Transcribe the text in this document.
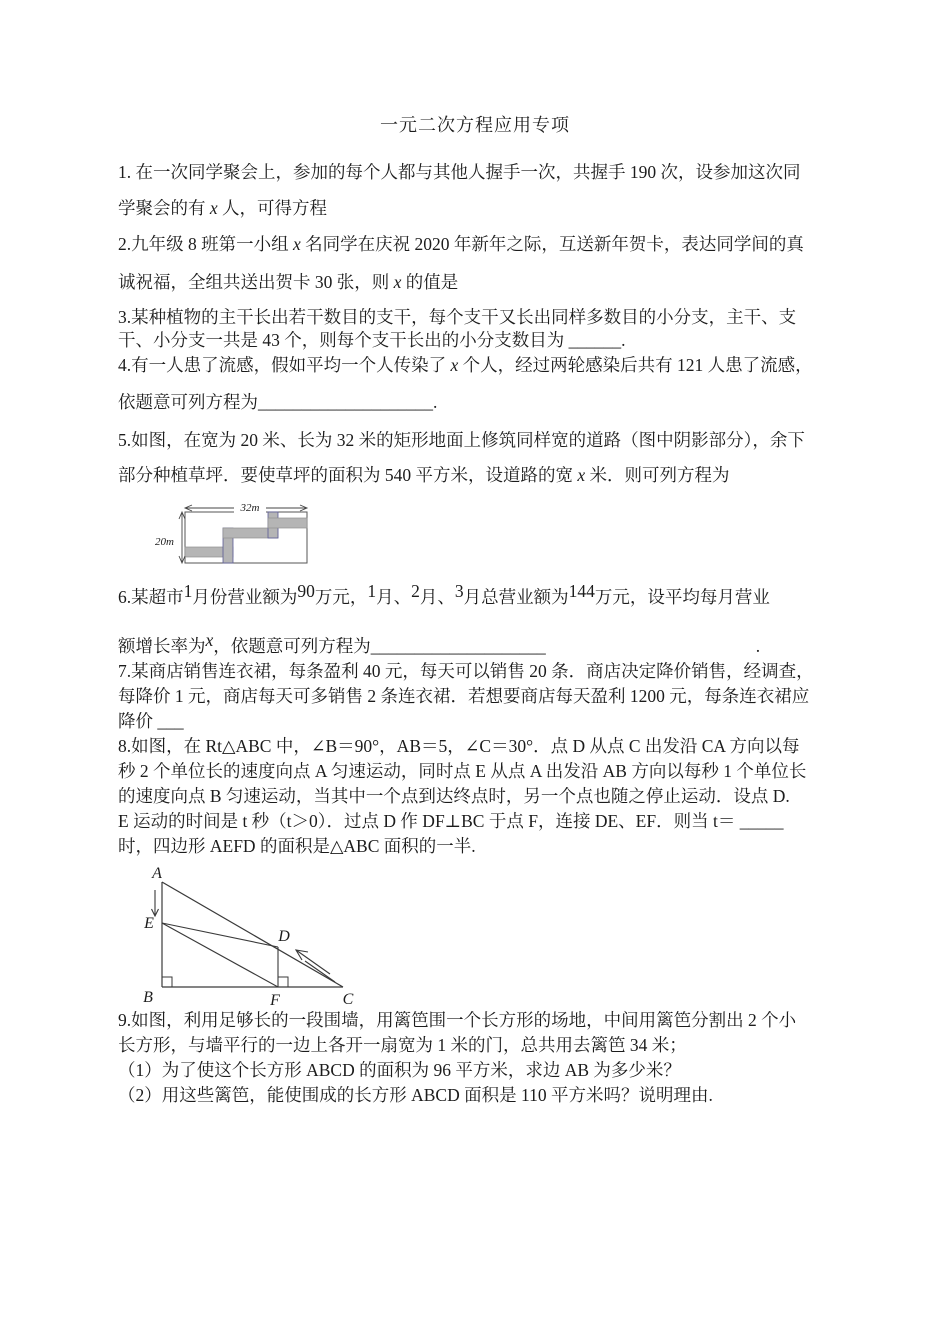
一元二次方程应用专项
1. 在一次同学聚会上，参加的每个人都与其他人握手一次，共握手 190 次，设参加这次同
学聚会的有 x 人，可得方程
2.九年级 8 班第一小组 x 名同学在庆祝 2020 年新年之际，互送新年贺卡，表达同学间的真
诚祝福，全组共送出贺卡 30 张，则 x 的值是
3.某种植物的主干长出若干数目的支干，每个支干又长出同样多数目的小分支，主干、支
干、小分支一共是 43 个，则每个支干长出的小分支数目为 ______.
4.有一人患了流感，假如平均一个人传染了 x 个人，经过两轮感染后共有 121 人患了流感，
依题意可列方程为____________________.
5.如图，在宽为 20 米、长为 32 米的矩形地面上修筑同样宽的道路（图中阴影部分），余下
部分种植草坪．要使草坪的面积为 540 平方米，设道路的宽 x 米．则可列方程为
32m
20m
6.某超市1月份营业额为90万元，1月、2月、3月总营业额为144万元，设平均每月营业
额增长率为x，依题意可列方程为____________________　　　　　　　　　　　　.
7.某商店销售连衣裙，每条盈利 40 元，每天可以销售 20 条．商店决定降价销售，经调查，
每降价 1 元，商店每天可多销售 2 条连衣裙．若想要商店每天盈利 1200 元，每条连衣裙应
降价 ___
8.如图，在 Rt△ABC 中，∠B＝90°，AB＝5，∠C＝30°．点 D 从点 C 出发沿 CA 方向以每
秒 2 个单位长的速度向点 A 匀速运动，同时点 E 从点 A 出发沿 AB 方向以每秒 1 个单位长
的速度向点 B 匀速运动，当其中一个点到达终点时，另一个点也随之停止运动．设点 D.
E 运动的时间是 t 秒（t＞0）．过点 D 作 DF⊥BC 于点 F，连接 DE、EF．则当 t＝ _____
时，四边形 AEFD 的面积是△ABC 面积的一半.
A
E
B	F	C
D
9.如图，利用足够长的一段围墙，用篱笆围一个长方形的场地，中间用篱笆分割出 2 个小
长方形，与墙平行的一边上各开一扇宽为 1 米的门，总共用去篱笆 34 米；
（1）为了使这个长方形 ABCD 的面积为 96 平方米，求边 AB 为多少米？
（2）用这些篱笆，能使围成的长方形 ABCD 面积是 110 平方米吗？说明理由.
